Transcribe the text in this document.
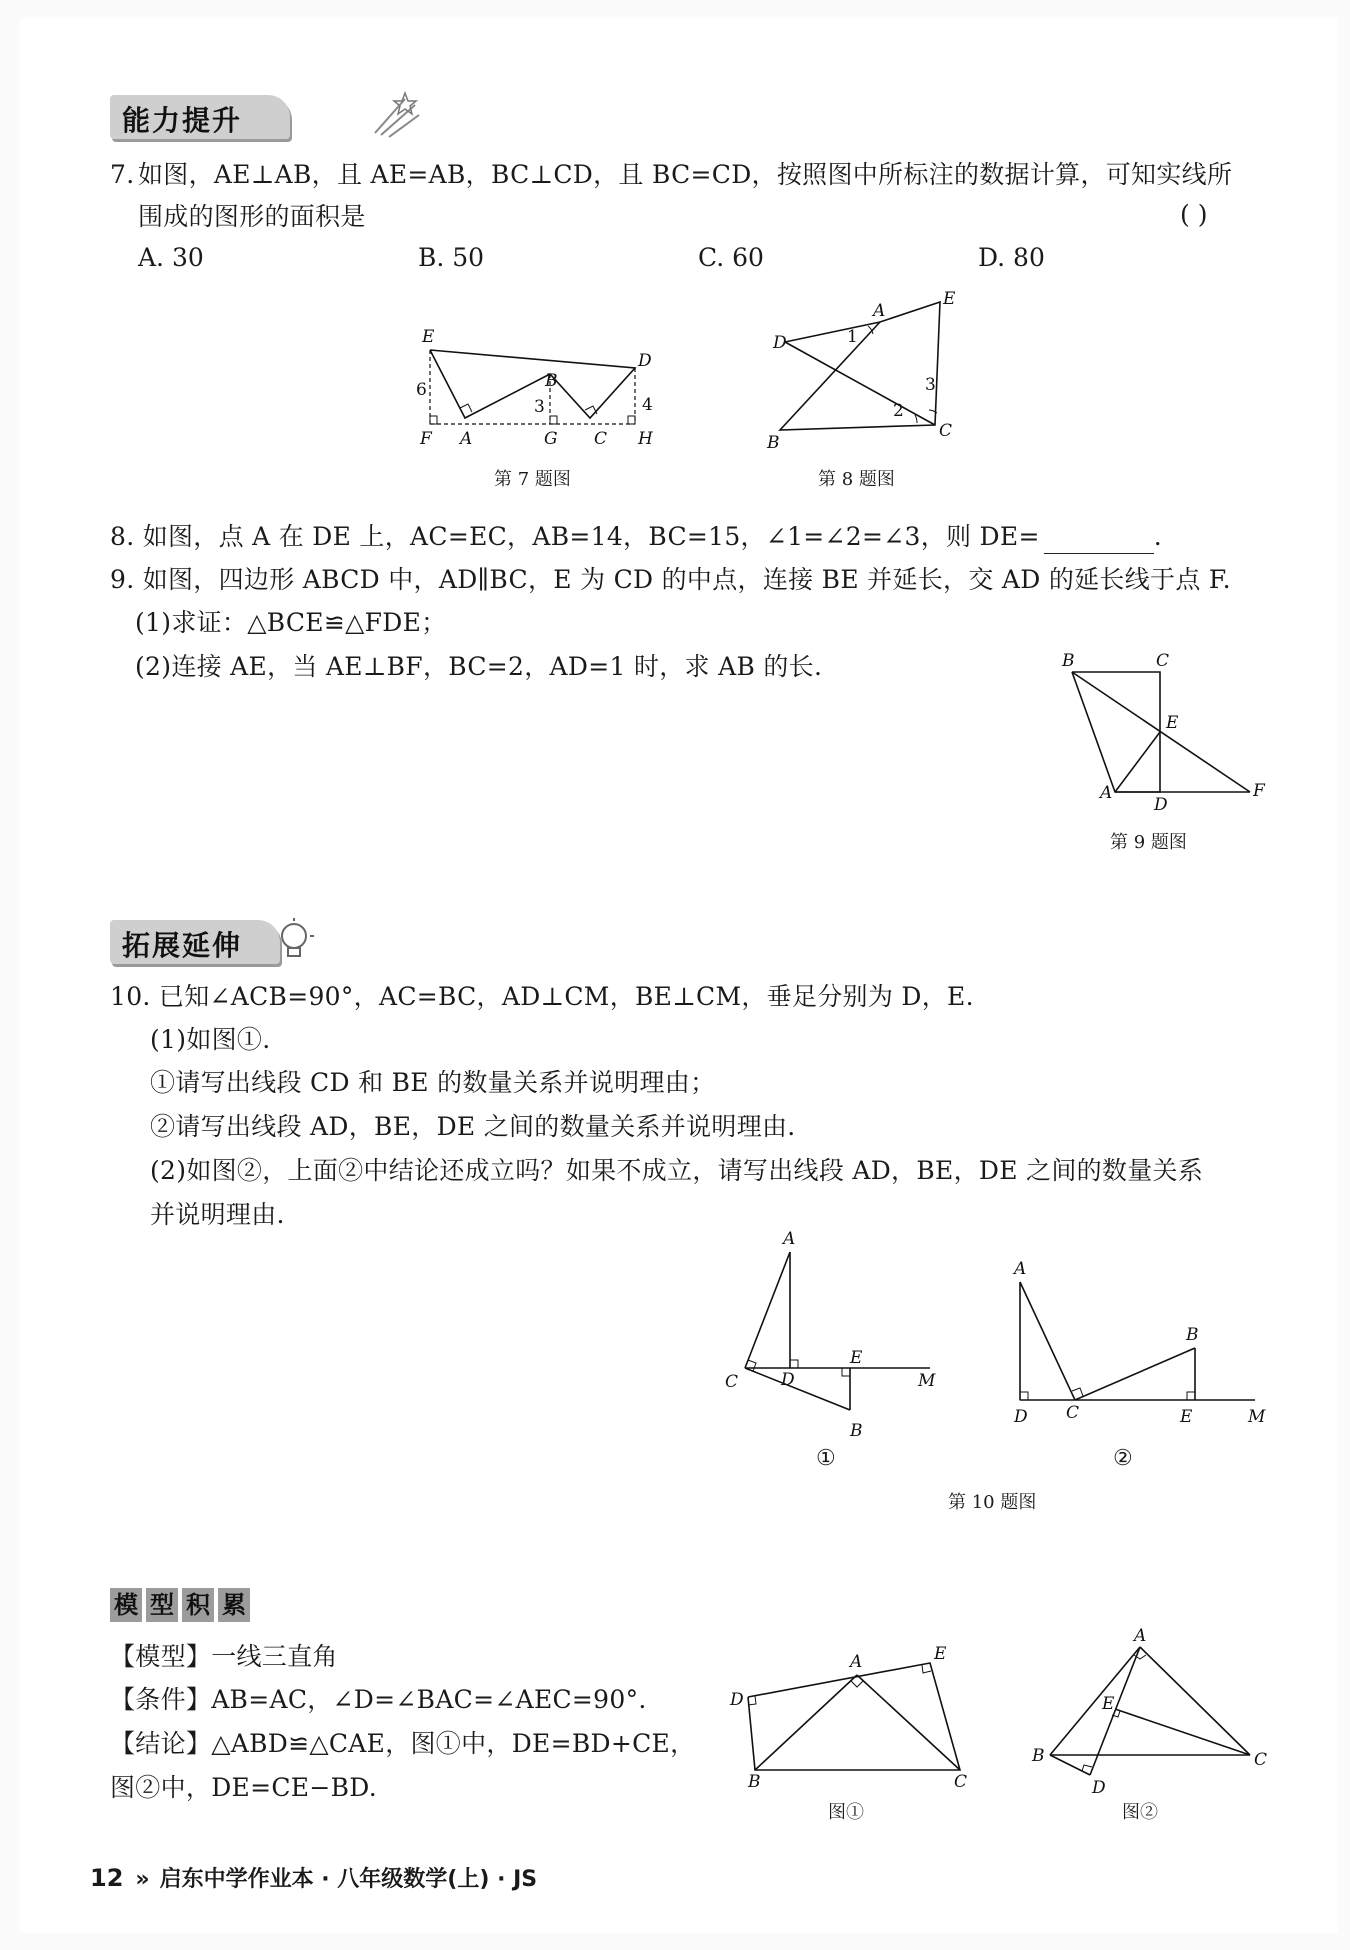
能力提升

7. 如图，AE⊥AB，且 AE=AB，BC⊥CD，且 BC=CD，按照图中所标注的数据计算，可知实线所

围成的图形的面积是	( )
A. 30	B. 50	C. 60	D. 80
E
D
B
F A	G C H
6
3	4
第 7 题图
A
E
D
B
C
1
2
3
第 8 题图

8. 如图，点 A 在 DE 上，AC=EC，AB=14，BC=15，∠1=∠2=∠3，则 DE=	.

9. 如图，四边形 ABCD 中，AD∥BC，E 为 CD 的中点，连接 BE 并延长，交 AD 的延长线于点 F.

(1)求证：△BCE≌△FDE；

(2)连接 AE，当 AE⊥BF，BC=2，AD=1 时，求 AB 的长.	B	C
E
A
D
F
第 9 题图
拓展延伸

10. 已知∠ACB=90°，AC=BC，AD⊥CM，BE⊥CM，垂足分别为 D，E.

(1)如图①.

①请写出线段 CD 和 BE 的数量关系并说明理由；

②请写出线段 AD，BE，DE 之间的数量关系并说明理由.

(2)如图②，上面②中结论还成立吗？如果不成立，请写出线段 AD，BE，DE 之间的数量关系

并说明理由.

A
C	D
E
B
M
①
A
B
D C	E	M
②
第 10 题图
模 型 积 累

【模型】一线三直角

【条件】AB=AC，∠D=∠BAC=∠AEC=90°.

【结论】△ABD≌△CAE，图①中，DE=BD+CE，

图②中，DE=CE−BD.

A	E
D
B	C
图①
A
E
B
D
C
图②
12 » 启东中学作业本 · 八年级数学(上) · JS
